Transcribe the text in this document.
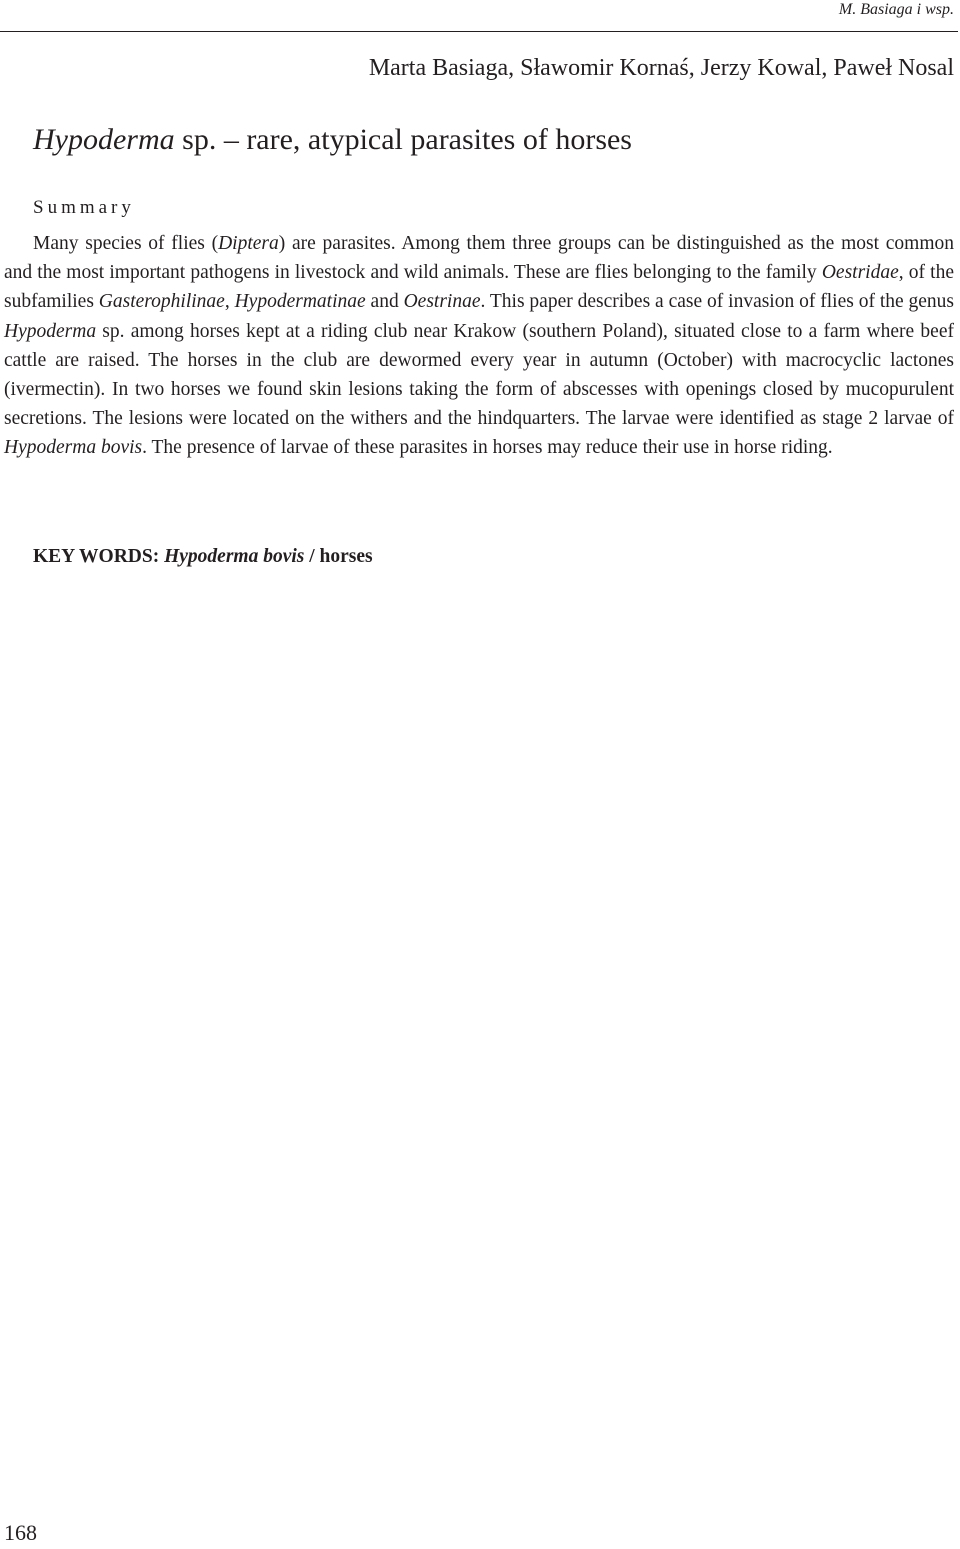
M. Basiaga i wsp.
Marta Basiaga, Sławomir Kornaś, Jerzy Kowal, Paweł Nosal
Hypoderma sp. – rare, atypical parasites of horses
Summary

Many species of flies (Diptera) are parasites. Among them three groups can be distinguished as the most common and the most important pathogens in livestock and wild animals. These are flies belonging to the family Oestridae, of the subfamilies Gasterophilinae, Hypodermatinae and Oestrinae. This paper describes a case of invasion of flies of the genus Hypoderma sp. among horses kept at a riding club near Krakow (southern Poland), situated close to a farm where beef cattle are raised. The horses in the club are dewormed every year in autumn (October) with macrocyclic lactones (ivermectin). In two horses we found skin lesions taking the form of abscesses with openings closed by mucopurulent secretions. The lesions were located on the withers and the hindquarters. The larvae were identified as stage 2 larvae of Hypoderma bovis. The presence of larvae of these parasites in horses may reduce their use in horse riding.

KEY WORDS: Hypoderma bovis / horses
168
